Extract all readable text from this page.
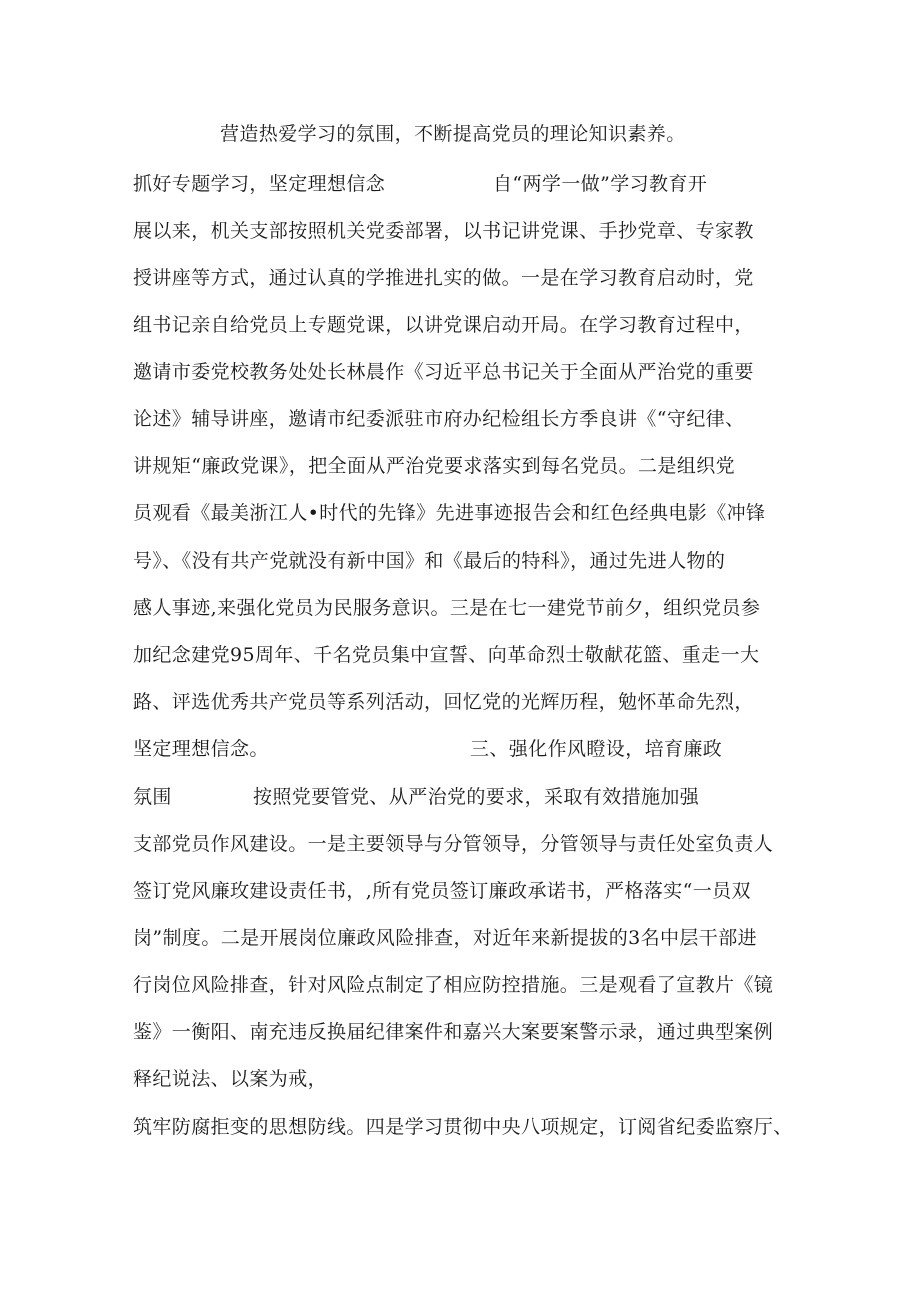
营造热爱学习的氛围，不断提高党员的理论知识素养。
抓好专题学习，坚定理想信念	自“两学一做”学习教育开
展以来，机关支部按照机关党委部署，以书记讲党课、手抄党章、专家教
授讲座等方式，通过认真的学推进扎实的做。一是在学习教育启动时，党
组书记亲自给党员上专题党课，以讲党课启动开局。在学习教育过程中，
邀请市委党校教务处处长林晨作《习近平总书记关于全面从严治党的重要
论述》辅导讲座，邀请市纪委派驻市府办纪检组长方季良讲《“守纪律、
讲规矩“廉政党课》，把全面从严治党要求落实到每名党员。二是组织党
员观看《最美浙江人•时代的先锋》先进事迹报告会和红色经典电影《冲锋
号》、《没有共产党就没有新中国》和《最后的特科》，通过先进人物的
感人事迹,来强化党员为民服务意识。三是在七一建党节前夕，组织党员参
加纪念建党95周年、千名党员集中宣誓、向革命烈士敬献花篮、重走一大
路、评选优秀共产党员等系列活动，回忆党的光辉历程，勉怀革命先烈，
坚定理想信念。	三、强化作风瞪设，培育廉政
氛围	按照党要管党、从严治党的要求，采取有效措施加强
支部党员作风建设。一是主要领导与分管领导，分管领导与责任处室负责人
签订党风廉玫建设责任书，,所有党员签订廉政承诺书，严格落实“一员双
岗”制度。二是开展岗位廉政风险排查，对近年来新提拔的3名中层干部进
行岗位风险排查，针对风险点制定了相应防控措施。三是观看了宣教片《镜
鉴》一衡阳、南充违反换届纪律案件和嘉兴大案要案警示录，通过典型案例
释纪说法、以案为戒，
筑牢防腐拒变的思想防线。四是学习贯彻中央八项规定，订阅省纪委监察厅、
